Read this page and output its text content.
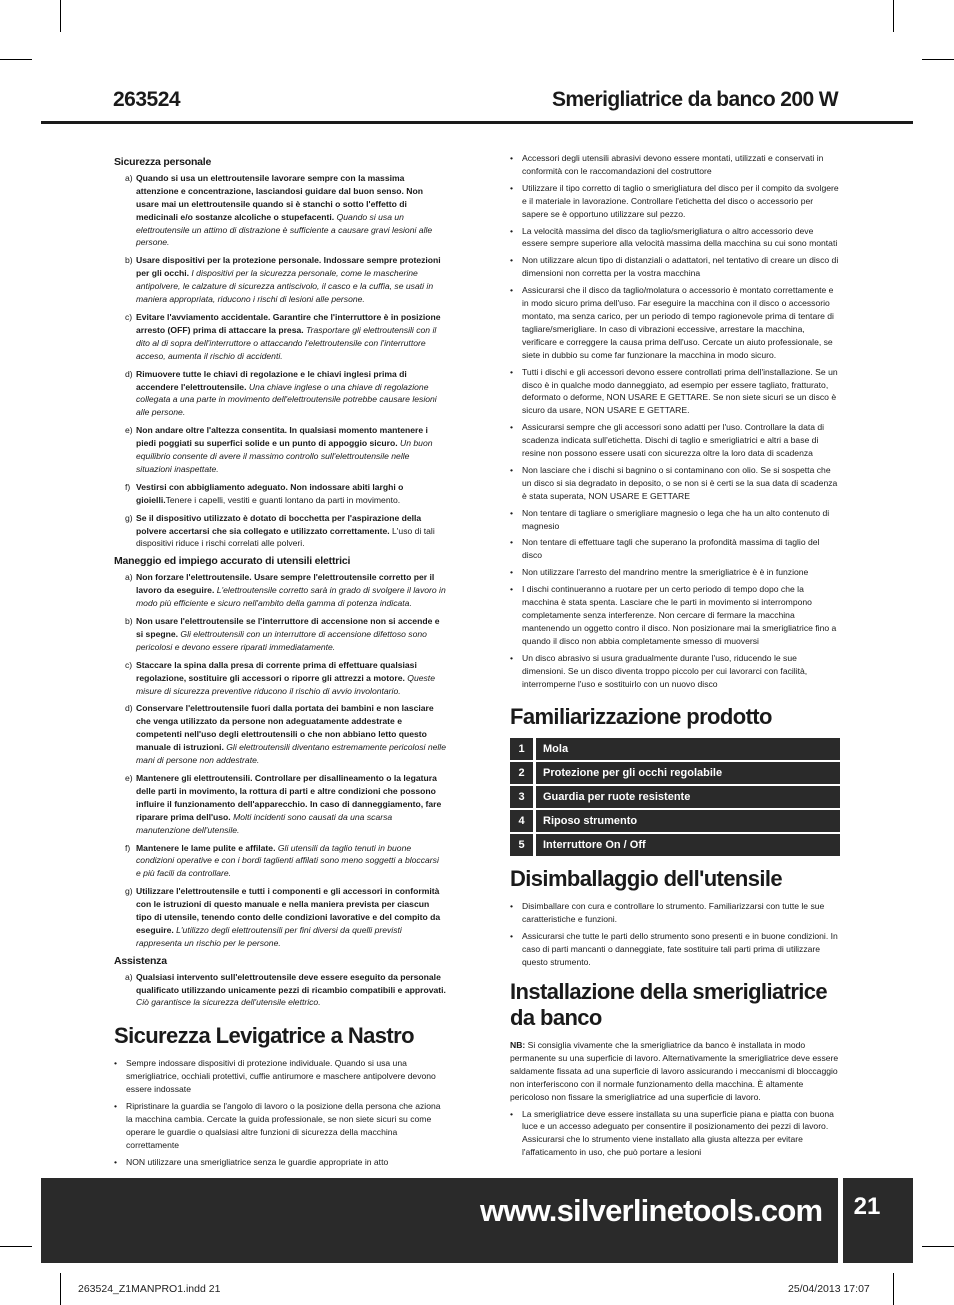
263524	Smerigliatrice da banco 200 W
Sicurezza personale
a) Quando si usa un elettroutensile lavorare sempre con la massima attenzione e concentrazione, lasciandosi guidare dal buon senso. Non usare mai un elettroutensile quando si è stanchi o sotto l'effetto di medicinali e/o sostanze alcoliche o stupefacenti. Quando si usa un elettroutensile un attimo di distrazione è sufficiente a causare gravi lesioni alle persone.
b) Usare dispositivi per la protezione personale. Indossare sempre protezioni per gli occhi. I dispositivi per la sicurezza personale, come le mascherine antipolvere, le calzature di sicurezza antiscivolo, il casco e la cuffia, se usati in maniera appropriata, riducono i rischi di lesioni alle persone.
c) Evitare l'avviamento accidentale. Garantire che l'interruttore è in posizione arresto (OFF) prima di attaccare la presa. Trasportare gli elettroutensili con il dito al di sopra dell'interruttore o attaccando l'elettroutensile con l'interruttore acceso, aumenta il rischio di accidenti.
d) Rimuovere tutte le chiavi di regolazione e le chiavi inglesi prima di accendere l'elettroutensile. Una chiave inglese o una chiave di regolazione collegata a una parte in movimento dell'elettroutensile potrebbe causare lesioni alle persone.
e) Non andare oltre l'altezza consentita. In qualsiasi momento mantenere i piedi poggiati su superfici solide e un punto di appoggio sicuro. Un buon equilibrio consente di avere il massimo controllo sull'elettroutensile nelle situazioni inaspettate.
f) Vestirsi con abbigliamento adeguato. Non indossare abiti larghi o gioielli.Tenere i capelli, vestiti e guanti lontano da parti in movimento.
g) Se il dispositivo utilizzato è dotato di bocchetta per l'aspirazione della polvere accertarsi che sia collegato e utilizzato correttamente. L'uso di tali dispositivi riduce i rischi correlati alle polveri.
Maneggio ed impiego accurato di utensili elettrici
a) Non forzare l'elettroutensile. Usare sempre l'elettroutensile corretto per il lavoro da eseguire. L'elettroutensile corretto sarà in grado di svolgere il lavoro in modo più efficiente e sicuro nell'ambito della gamma di potenza indicata.
b) Non usare l'elettroutensile se l'interruttore di accensione non si accende e si spegne. Gli elettroutensili con un interruttore di accensione difettoso sono pericolosi e devono essere riparati immediatamente.
c) Staccare la spina dalla presa di corrente prima di effettuare qualsiasi regolazione, sostituire gli accessori o riporre gli attrezzi a motore. Queste misure di sicurezza preventive riducono il rischio di avvio involontario.
d) Conservare l'elettroutensile fuori dalla portata dei bambini e non lasciare che venga utilizzato da persone non adeguatamente addestrate e competenti nell'uso degli elettroutensili o che non abbiano letto questo manuale di istruzioni. Gli elettroutensili diventano estremamente pericolosi nelle mani di persone non addestrate.
e) Mantenere gli elettroutensili. Controllare per disallineamento o la legatura delle parti in movimento, la rottura di parti e altre condizioni che possono influire il funzionamento dell'apparecchio. In caso di danneggiamento, fare riparare prima dell'uso. Molti incidenti sono causati da una scarsa manutenzione dell'utensile.
f) Mantenere le lame pulite e affilate. Gli utensili da taglio tenuti in buone condizioni operative e con i bordi taglienti affilati sono meno soggetti a bloccarsi e più facili da controllare.
g) Utilizzare l'elettroutensile e tutti i componenti e gli accessori in conformità con le istruzioni di questo manuale e nella maniera prevista per ciascun tipo di utensile, tenendo conto delle condizioni lavorative e del compito da eseguire. L'utilizzo degli elettroutensili per fini diversi da quelli previsti rappresenta un rischio per le persone.
Assistenza
a) Qualsiasi intervento sull'elettroutensile deve essere eseguito da personale qualificato utilizzando unicamente pezzi di ricambio compatibili e approvati. Ciò garantisce la sicurezza dell'utensile elettrico.
Sicurezza Levigatrice a Nastro
• Sempre indossare dispositivi di protezione individuale. Quando si usa una smerigliatrice, occhiali protettivi, cuffie antirumore e maschere antipolvere devono essere indossate
• Ripristinare la guardia se l'angolo di lavoro o la posizione della persona che aziona la macchina cambia. Cercate la guida professionale, se non siete sicuri su come operare le guardie o qualsiasi altre funzioni di sicurezza della macchina correttamente
• NON utilizzare una smerigliatrice senza le guardie appropriate in atto
• Accessori degli utensili abrasivi devono essere montati, utilizzati e conservati in conformità con le raccomandazioni del costruttore
• Utilizzare il tipo corretto di taglio o smerigliatura del disco per il compito da svolgere e il materiale in lavorazione. Controllare l'etichetta del disco o accessorio per sapere se è opportuno utilizzare sul pezzo.
• La velocità massima del disco da taglio/smerigliatura o altro accessorio deve essere sempre superiore alla velocità massima della macchina su cui sono montati
• Non utilizzare alcun tipo di distanziali o adattatori, nel tentativo di creare un disco di dimensioni non corretta per la vostra macchina
• Assicurarsi che il disco da taglio/molatura o accessorio è montato correttamente e in modo sicuro prima dell'uso. Far eseguire la macchina con il disco o accessorio montato, ma senza carico, per un periodo di tempo ragionevole prima di tentare di tagliare/smerigliare. In caso di vibrazioni eccessive, arrestare la macchina, verificare e correggere la causa prima dell'uso. Cercate un aiuto professionale, se siete in dubbio su come far funzionare la macchina in modo sicuro.
• Tutti i dischi e gli accessori devono essere controllati prima dell'installazione. Se un disco è in qualche modo danneggiato, ad esempio per essere tagliato, fratturato, deformato o deforme, NON USARE E GETTARE. Se non siete sicuri se un disco è sicuro da usare, NON USARE E GETTARE.
• Assicurarsi sempre che gli accessori sono adatti per l'uso. Controllare la data di scadenza indicata sull'etichetta. Dischi di taglio e smerigliatrici e altri a base di resine non possono essere usati con sicurezza oltre la loro data di scadenza
• Non lasciare che i dischi si bagnino o si contaminano con olio. Se si sospetta che un disco si sia degradato in deposito, o se non si è certi se la sua data di scadenza è stata superata, NON USARE E GETTARE
• Non tentare di tagliare o smerigliare magnesio o lega che ha un alto contenuto di magnesio
• Non tentare di effettuare tagli che superano la profondità massima di taglio del disco
• Non utilizzare l'arresto del mandrino mentre la smerigliatrice è è in funzione
• I dischi continueranno a ruotare per un certo periodo di tempo dopo che la macchina è stata spenta. Lasciare che le parti in movimento si interrompono completamente senza interferenze. Non cercare di fermare la macchina mantenendo un oggetto contro il disco. Non posizionare mai la smerigliatrice fino a quando il disco non abbia completamente smesso di muoversi
• Un disco abrasivo si usura gradualmente durante l'uso, riducendo le sue dimensioni. Se un disco diventa troppo piccolo per cui lavorarci con facilità, interromperne l'uso e sostituirlo con un nuovo disco
Familiarizzazione prodotto
1	Mola
2	Protezione per gli occhi regolabile
3	Guardia per ruote resistente
4	Riposo strumento
5	Interruttore On / Off
Disimballaggio dell'utensile
• Disimballare con cura e controllare lo strumento. Familiarizzarsi con tutte le sue caratteristiche e funzioni.
• Assicurarsi che tutte le parti dello strumento sono presenti e in buone condizioni. In caso di parti mancanti o danneggiate, fate sostituire tali parti prima di utilizzare questo strumento.
Installazione della smerigliatrice da banco
NB: Si consiglia vivamente che la smerigliatrice da banco è installata in modo permanente su una superficie di lavoro. Alternativamente la smerigliatrice deve essere saldamente fissata ad una superficie di lavoro assicurando i meccanismi di bloccaggio non interferiscono con il normale funzionamento della macchina. È altamente pericoloso non fissare la smerigliatrice ad una superficie di lavoro.
• La smerigliatrice deve essere installata su una superficie piana e piatta con buona luce e un accesso adeguato per consentire il posizionamento dei pezzi di lavoro. Assicurarsi che lo strumento viene installato alla giusta altezza per evitare l'affaticamento in uso, che può portare a lesioni
www.silverlinetools.com	21
263524_Z1MANPRO1.indd 21	25/04/2013 17:07
